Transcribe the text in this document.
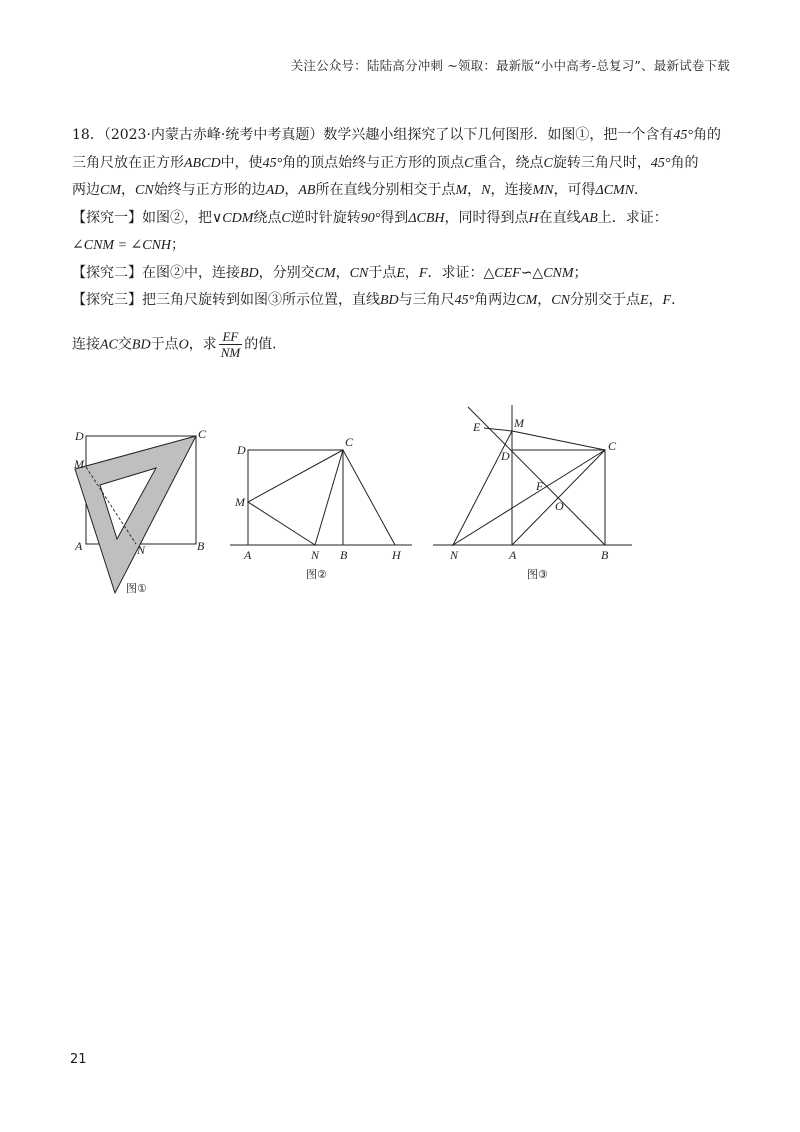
关注公众号：陆陆高分冲刺 ~领取：最新版“小中高考-总复习”、最新试卷下载
18．（2023·内蒙古赤峰·统考中考真题）数学兴趣小组探究了以下几何图形．如图①，把一个含有45°角的
三角尺放在正方形ABCD中，使45°角的顶点始终与正方形的顶点C重合，绕点C旋转三角尺时，45°角的
两边CM，CN始终与正方形的边AD，AB所在直线分别相交于点M，N，连接MN，可得ΔCMN．
【探究一】如图②，把∨CDM绕点C逆时针旋转90°得到ΔCBH，同时得到点H在直线AB上．求证：
∠CNM = ∠CNH；
【探究二】在图②中，连接BD，分别交CM，CN于点E，F．求证：△CEF∽△CNM；
【探究三】把三角尺旋转到如图③所示位置，直线BD与三角尺45°角两边CM，CN分别交于点E，F．
连接AC交BD于点O，求 $\frac{EF}{NM}$ 的值．
D	C
M
A	N	B
图①
D
C
M
A	N B	H
图②
E	M
D
C
F
O
N	A	B
图③
21
